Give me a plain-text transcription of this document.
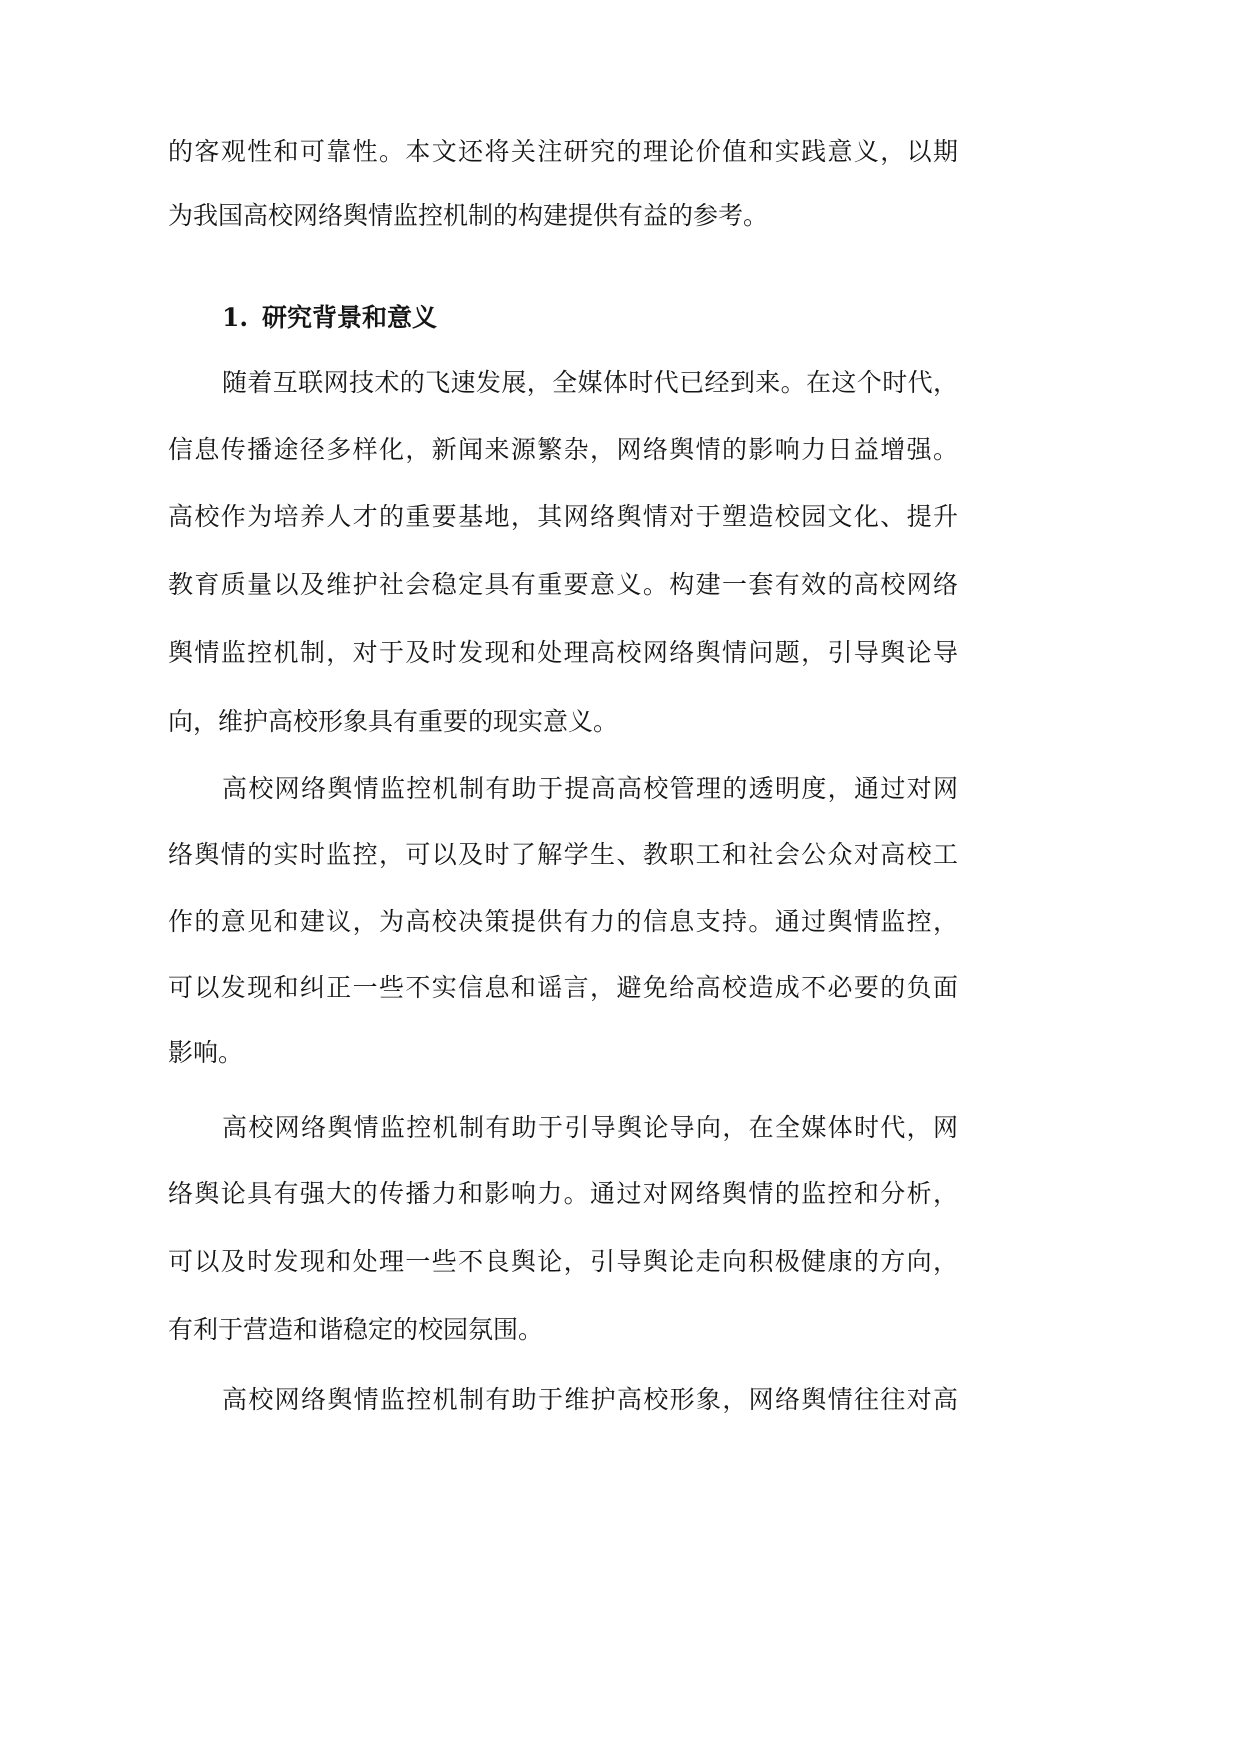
的客观性和可靠性。本文还将关注研究的理论价值和实践意义，以期
为我国高校网络舆情监控机制的构建提供有益的参考。
1. 研究背景和意义
随着互联网技术的飞速发展，全媒体时代已经到来。在这个时代，
信息传播途径多样化，新闻来源繁杂，网络舆情的影响力日益增强。
高校作为培养人才的重要基地，其网络舆情对于塑造校园文化、提升
教育质量以及维护社会稳定具有重要意义。构建一套有效的高校网络
舆情监控机制，对于及时发现和处理高校网络舆情问题，引导舆论导
向，维护高校形象具有重要的现实意义。
高校网络舆情监控机制有助于提高高校管理的透明度，通过对网
络舆情的实时监控，可以及时了解学生、教职工和社会公众对高校工
作的意见和建议，为高校决策提供有力的信息支持。通过舆情监控，
可以发现和纠正一些不实信息和谣言，避免给高校造成不必要的负面
影响。
高校网络舆情监控机制有助于引导舆论导向，在全媒体时代，网
络舆论具有强大的传播力和影响力。通过对网络舆情的监控和分析，
可以及时发现和处理一些不良舆论，引导舆论走向积极健康的方向，
有利于营造和谐稳定的校园氛围。
高校网络舆情监控机制有助于维护高校形象，网络舆情往往对高
